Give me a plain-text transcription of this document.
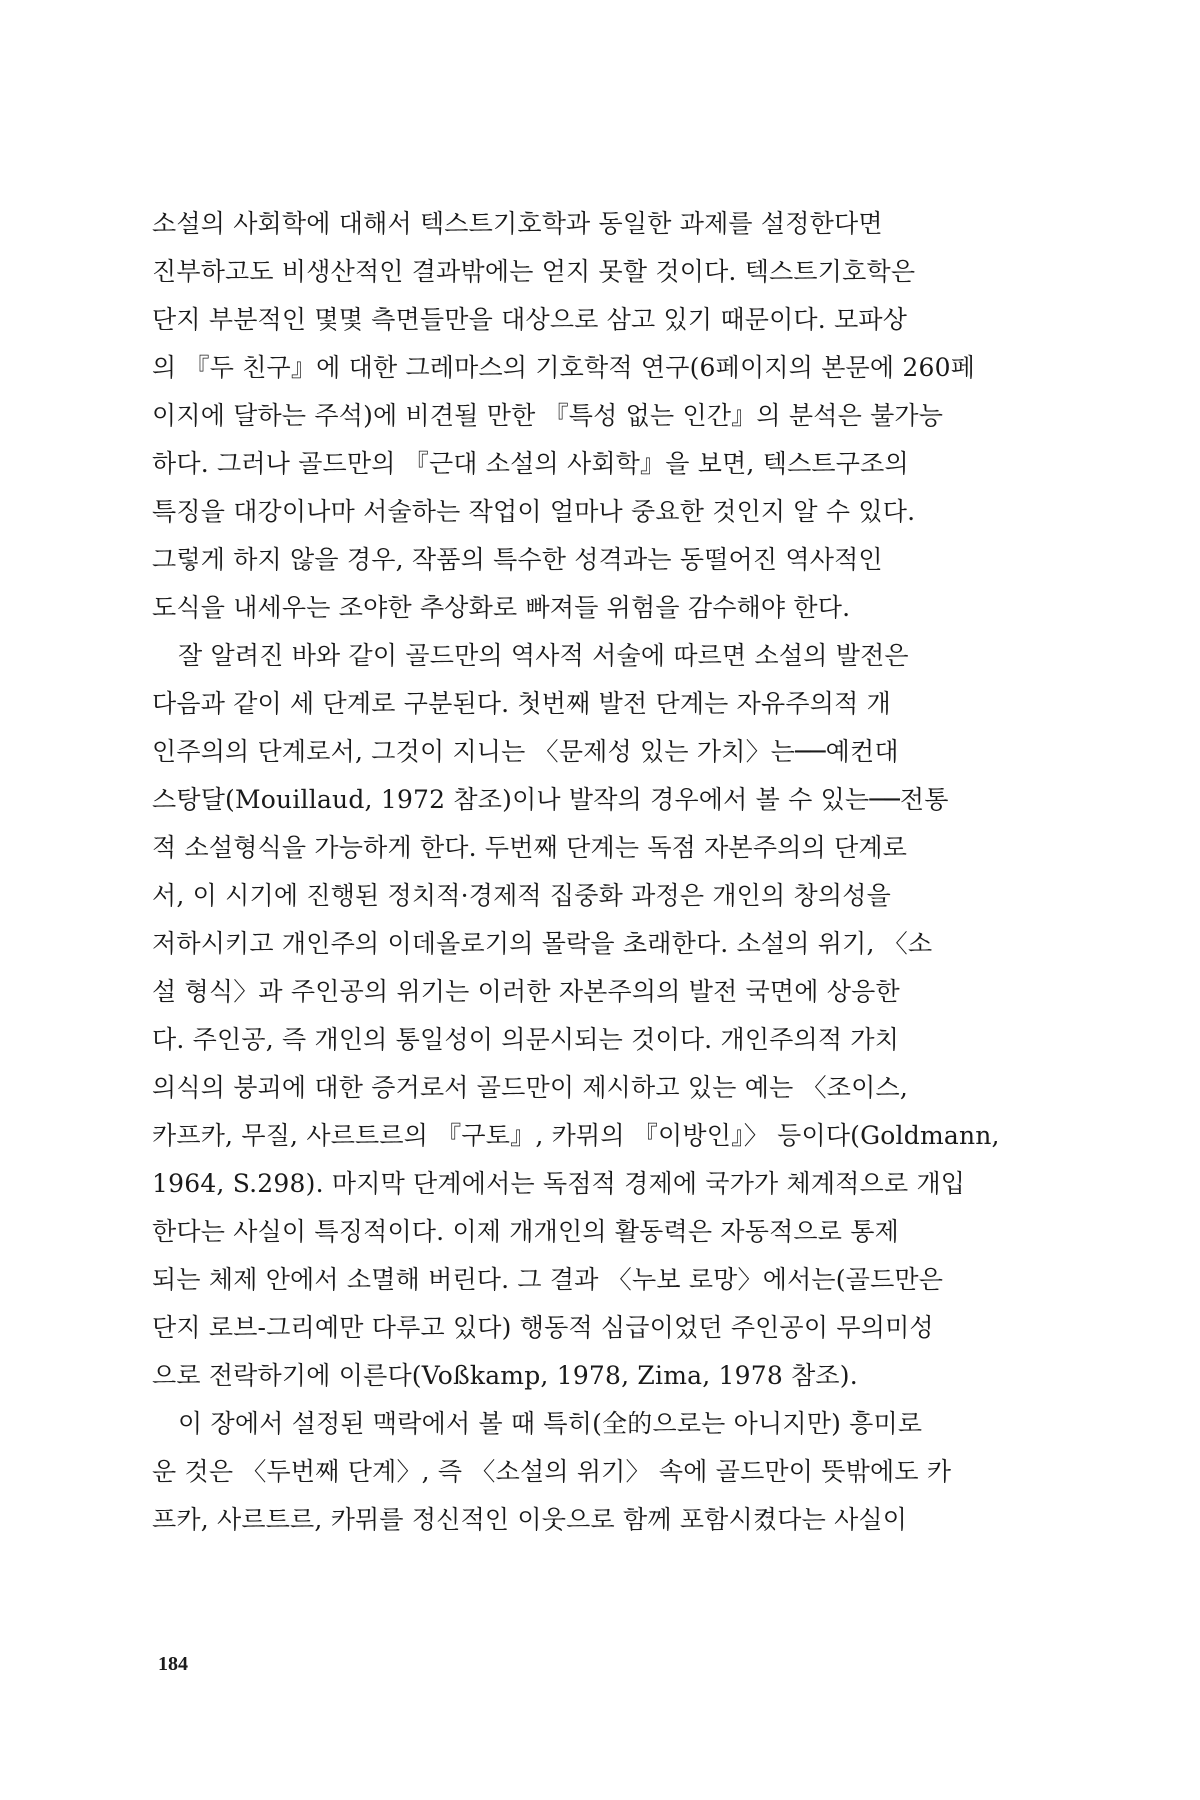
소설의 사회학에 대해서 텍스트기호학과 동일한 과제를 설정한다면
진부하고도 비생산적인 결과밖에는 얻지 못할 것이다. 텍스트기호학은
단지 부분적인 몇몇 측면들만을 대상으로 삼고 있기 때문이다. 모파상
의 『두 친구』에 대한 그레마스의 기호학적 연구(6페이지의 본문에 260페
이지에 달하는 주석)에 비견될 만한 『특성 없는 인간』의 분석은 불가능
하다. 그러나 골드만의 『근대 소설의 사회학』을 보면, 텍스트구조의
특징을 대강이나마 서술하는 작업이 얼마나 중요한 것인지 알 수 있다.
그렇게 하지 않을 경우, 작품의 특수한 성격과는 동떨어진 역사적인
도식을 내세우는 조야한 추상화로 빠져들 위험을 감수해야 한다.
잘 알려진 바와 같이 골드만의 역사적 서술에 따르면 소설의 발전은
다음과 같이 세 단계로 구분된다. 첫번째 발전 단계는 자유주의적 개
인주의의 단계로서, 그것이 지니는 〈문제성 있는 가치〉는──예컨대
스탕달(Mouillaud, 1972 참조)이나 발작의 경우에서 볼 수 있는──전통
적 소설형식을 가능하게 한다. 두번째 단계는 독점 자본주의의 단계로
서, 이 시기에 진행된 정치적·경제적 집중화 과정은 개인의 창의성을
저하시키고 개인주의 이데올로기의 몰락을 초래한다. 소설의 위기, 〈소
설 형식〉과 주인공의 위기는 이러한 자본주의의 발전 국면에 상응한
다. 주인공, 즉 개인의 통일성이 의문시되는 것이다. 개인주의적 가치
의식의 붕괴에 대한 증거로서 골드만이 제시하고 있는 예는 〈조이스,
카프카, 무질, 사르트르의 『구토』, 카뮈의 『이방인』〉 등이다(Goldmann,
1964, S.298). 마지막 단계에서는 독점적 경제에 국가가 체계적으로 개입
한다는 사실이 특징적이다. 이제 개개인의 활동력은 자동적으로 통제
되는 체제 안에서 소멸해 버린다. 그 결과 〈누보 로망〉에서는(골드만은
단지 로브-그리예만 다루고 있다) 행동적 심급이었던 주인공이 무의미성
으로 전락하기에 이른다(Voßkamp, 1978, Zima, 1978 참조).
이 장에서 설정된 맥락에서 볼 때 특히(全的으로는 아니지만) 흥미로
운 것은 〈두번째 단계〉, 즉 〈소설의 위기〉 속에 골드만이 뜻밖에도 카
프카, 사르트르, 카뮈를 정신적인 이웃으로 함께 포함시켰다는 사실이
184
